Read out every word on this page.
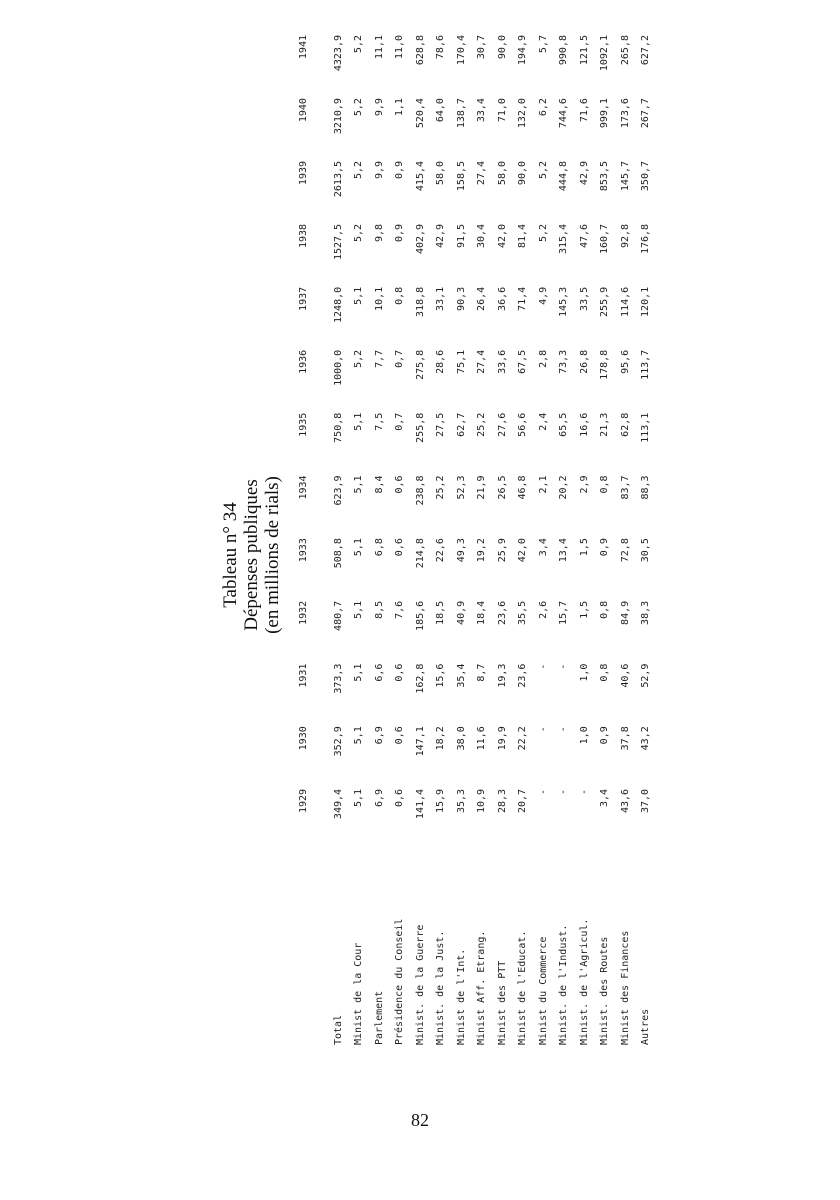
Tableau n° 34 Dépenses publiques (en millions de rials)
	1929	1930	1931	1932	1933	1934	1935	1936	1937	1938	1939	1940	1941
Total	349,4	352,9	373,3	480,7	508,8	623,9	750,8	1000,0	1248,0	1527,5	2613,5	3210,9	4323,9
Minist de la Cour	5,1	5,1	5,1	5,1	5,1	5,1	5,1	5,2	5,1	5,2	5,2	5,2	5,2
Parlement	6,9	6,9	6,6	8,5	6,8	8,4	7,5	7,7	10,1	9,8	9,9	9,9	11,1
Présidence du Conseil	0,6	0,6	0,6	7,6	0,6	0,6	0,7	0,7	0,8	0,9	0,9	1,1	11,0
Minist. de la Guerre	141,4	147,1	162,8	185,6	214,8	238,8	255,8	275,8	318,8	402,9	415,4	520,4	628,8
Minist. de la Just.	15,9	18,2	15,6	18,5	22,6	25,2	27,5	28,6	33,1	42,9	58,0	64,0	78,6
Minist de l'Int.	35,3	38,0	35,4	40,9	49,3	52,3	62,7	75,1	90,3	91,5	158,5	138,7	170,4
Minist Aff. Etrang.	10,9	11,6	8,7	18,4	19,2	21,9	25,2	27,4	26,4	30,4	27,4	33,4	30,7
Minist des PTT	28,3	19,9	19,3	23,6	25,9	26,5	27,6	33,6	36,6	42,0	58,0	71,0	90,0
Minist de l'Educat.	20,7	22,2	23,6	35,5	42,0	46,8	56,6	67,5	71,4	81,4	90,0	132,0	194,9
Minist du Commerce	-	-	-	2,6	3,4	2,1	2,4	2,8	4,9	5,2	5,2	6,2	5,7
Minist. de l'Indust.	-	-	-	15,7	13,4	20,2	65,5	73,3	145,3	315,4	444,8	744,6	990,8
Minist. de l'Agricul.	-	1,0	1,0	1,5	1,5	2,9	16,6	26,8	33,5	47,6	42,9	71,6	121,5
Minist. des Routes	3,4	0,9	0,8	0,8	0,9	0,8	21,3	178,8	255,9	160,7	853,5	999,1	1092,1
Minist des Finances	43,6	37,8	40,6	84,9	72,8	83,7	62,8	95,6	114,6	92,8	145,7	173,6	265,8
Autres	37,0	43,2	52,9	38,3	30,5	88,3	113,1	113,7	120,1	176,8	350,7	267,7	627,2
82
